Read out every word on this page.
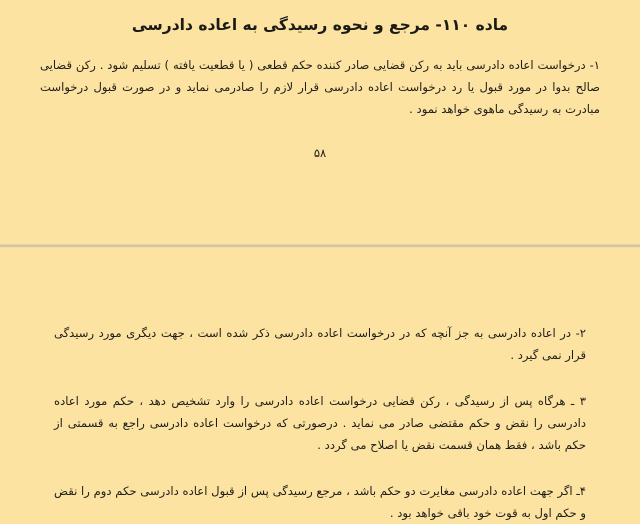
ماده ۱۱۰- مرجع و نحوه رسیدگی به اعاده دادرسی

۱- درخواست اعاده دادرسی باید به رکن قضایی صادر کننده حکم قطعی ( یا قطعیت یافته ) تسلیم شود . رکن قضایی صالح بدوا در مورد قبول یا رد درخواست اعاده دادرسی قرار لازم را صادرمی نماید و در صورت قبول درخواست مبادرت به رسیدگی ماهوی خواهد نمود .

۵۸

۲- در اعاده دادرسی به جز آنچه که در درخواست اعاده دادرسی ذکر شده است ، جهت دیگری مورد رسیدگی قرار نمی گیرد .

۳ ـ هرگاه پس از رسیدگی ، رکن قضایی درخواست اعاده دادرسی را وارد تشخیص دهد ، حکم مورد اعاده دادرسی را نقض و حکم مقتضی صادر می نماید . درصورتی که درخواست اعاده دادرسی راجع به قسمتی از حکم باشد ، فقط همان قسمت نقض یا اصلاح می گردد .

۴ـ اگر جهت اعاده دادرسی مغایرت دو حکم باشد ، مرجع رسیدگی پس از قبول اعاده دادرسی حکم دوم را نقض و حکم اول به قوت خود باقی خواهد بود .
